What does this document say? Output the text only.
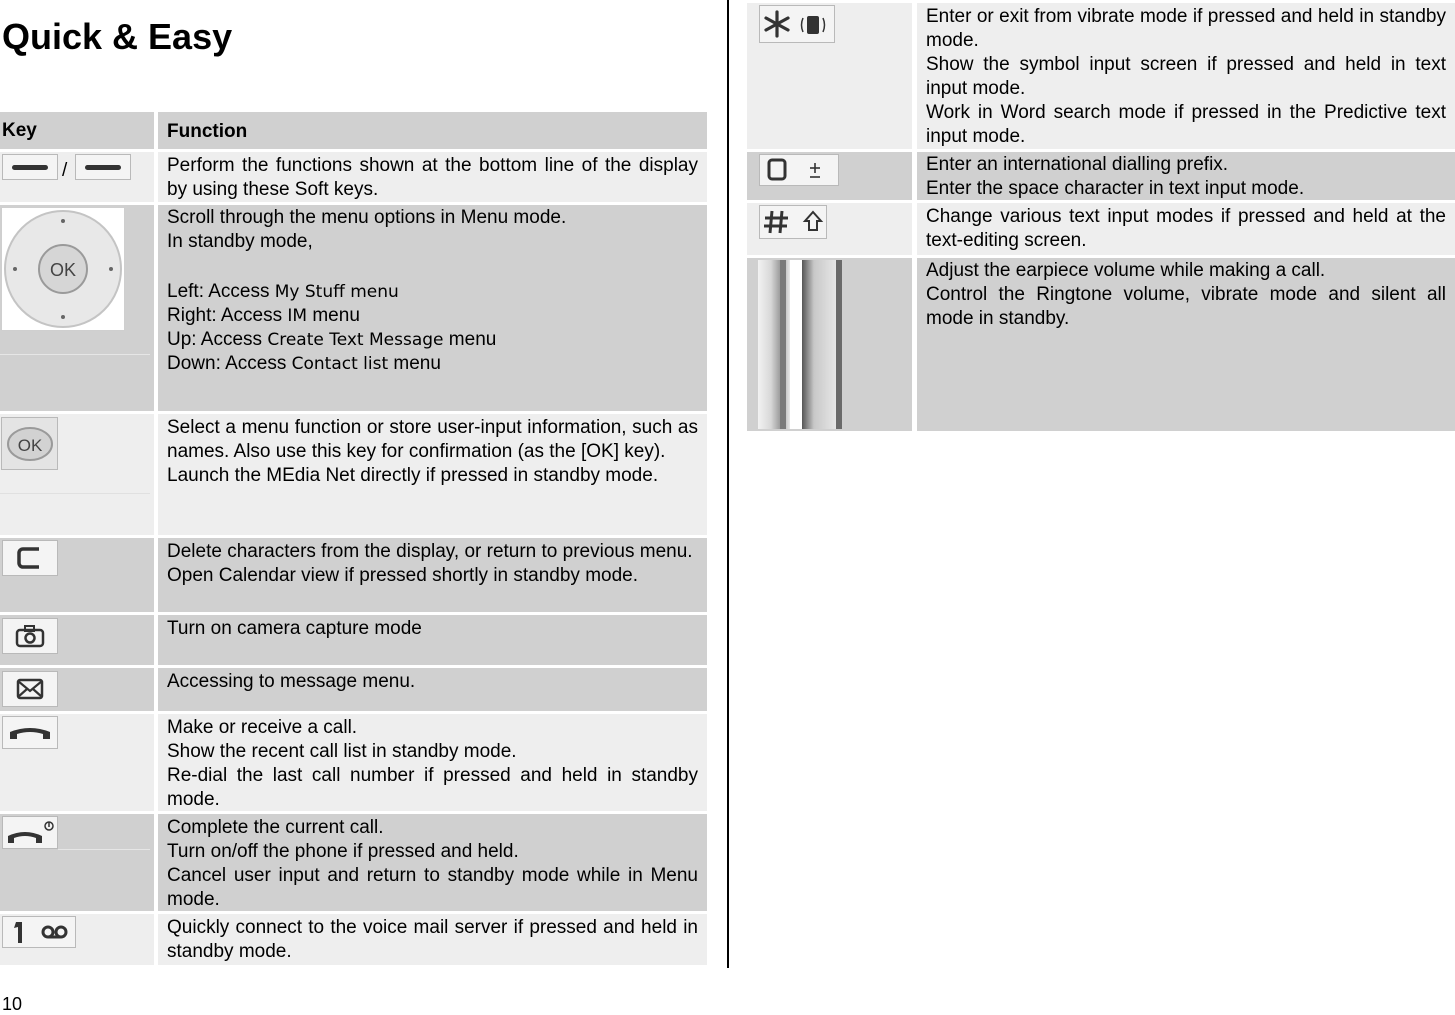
Quick & Easy
Key	Function
/	Perform the functions shown at the bottom line of the display by using these Soft keys.

OK

Scroll through the menu options in Menu mode.

In standby mode,

Left: Access My Stuff menu

Right: Access IM menu

Up: Access Create Text Message menu

Down: Access Contact list menu

OK

Select a menu function or store user-input information, such as names. Also use this key for confirmation (as the [OK] key).

Launch the MEdia Net directly if pressed in standby mode.

Delete characters from the display, or return to previous menu.

Open Calendar view if pressed shortly in standby mode.

Turn on camera capture mode

Accessing to message menu.

Make or receive a call.

Show the recent call list in standby mode.

Re-dial the last call number if pressed and held in standby mode.

Complete the current call.

Turn on/off the phone if pressed and held.

Cancel user input and return to standby mode while in Menu mode.

Quickly connect to the voice mail server if pressed and held in standby mode.

Enter or exit from vibrate mode if pressed and held in standby mode.

Show the symbol input screen if pressed and held in text input mode.

Work in Word search mode if pressed in the Predictive text input mode.

Enter an international dialling prefix.

Enter the space character in text input mode.

Change various text input modes if pressed and held at the text-editing screen.

Adjust the earpiece volume while making a call.

Control the Ringtone volume, vibrate mode and silent all mode in standby.

10
